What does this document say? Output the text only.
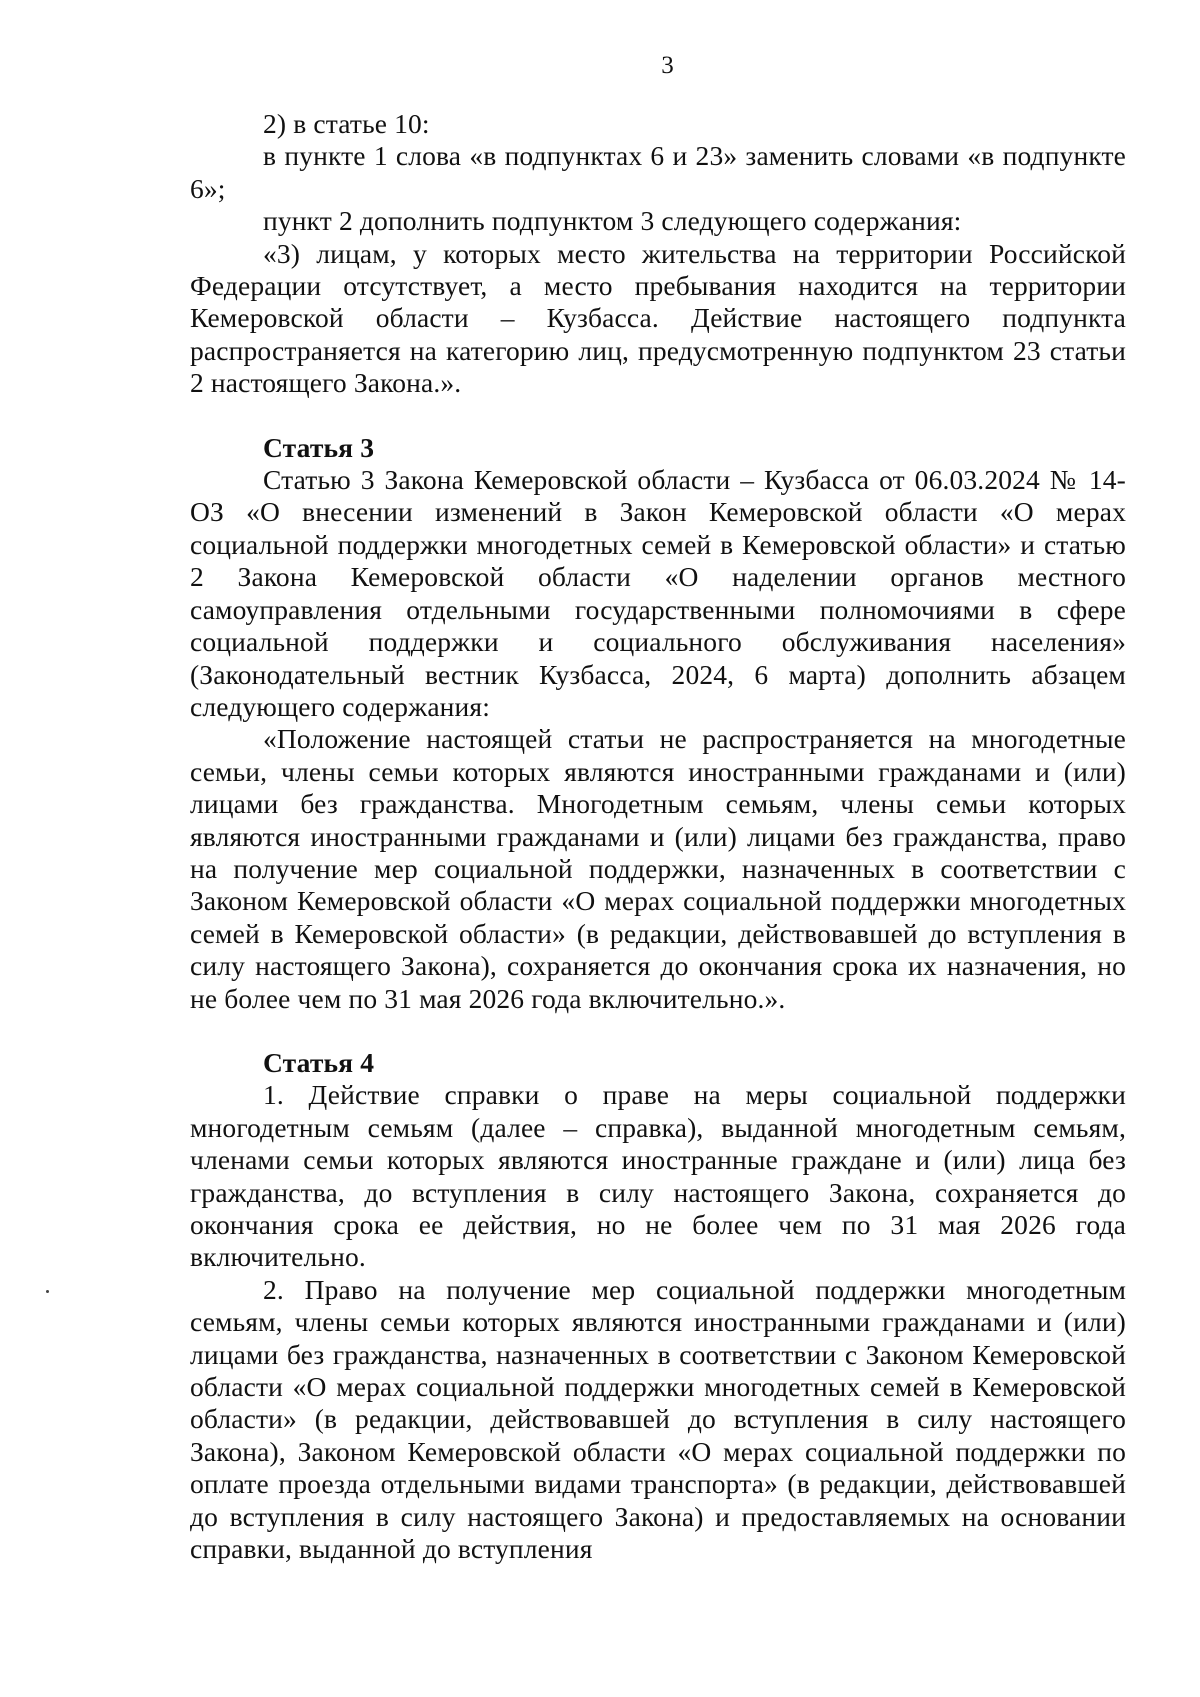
3

2) в статье 10:

в пункте 1 слова «в подпунктах 6 и 23» заменить словами «в подпункте 6»;

пункт 2 дополнить подпунктом 3 следующего содержания:

«3) лицам, у которых место жительства на территории Российской Федерации отсутствует, а место пребывания находится на территории Кемеровской области – Кузбасса. Действие настоящего подпункта распространяется на категорию лиц, предусмотренную подпунктом 23 статьи 2 настоящего Закона.».

Статья 3

Статью 3 Закона Кемеровской области – Кузбасса от 06.03.2024 № 14-ОЗ «О внесении изменений в Закон Кемеровской области «О мерах социальной поддержки многодетных семей в Кемеровской области» и статью 2 Закона Кемеровской области «О наделении органов местного самоуправления отдельными государственными полномочиями в сфере социальной поддержки и социального обслуживания населения» (Законодательный вестник Кузбасса, 2024, 6 марта) дополнить абзацем следующего содержания:

«Положение настоящей статьи не распространяется на многодетные семьи, члены семьи которых являются иностранными гражданами и (или) лицами без гражданства. Многодетным семьям, члены семьи которых являются иностранными гражданами и (или) лицами без гражданства, право на получение мер социальной поддержки, назначенных в соответствии с Законом Кемеровской области «О мерах социальной поддержки многодетных семей в Кемеровской области» (в редакции, действовавшей до вступления в силу настоящего Закона), сохраняется до окончания срока их назначения, но не более чем по 31 мая 2026 года включительно.».

Статья 4

1. Действие справки о праве на меры социальной поддержки многодетным семьям (далее – справка), выданной многодетным семьям, членами семьи которых являются иностранные граждане и (или) лица без гражданства, до вступления в силу настоящего Закона, сохраняется до окончания срока ее действия, но не более чем по 31 мая 2026 года включительно.

2. Право на получение мер социальной поддержки многодетным семьям, члены семьи которых являются иностранными гражданами и (или) лицами без гражданства, назначенных в соответствии с Законом Кемеровской области «О мерах социальной поддержки многодетных семей в Кемеровской области» (в редакции, действовавшей до вступления в силу настоящего Закона), Законом Кемеровской области «О мерах социальной поддержки по оплате проезда отдельными видами транспорта» (в редакции, действовавшей до вступления в силу настоящего Закона) и предоставляемых на основании справки, выданной до вступления
